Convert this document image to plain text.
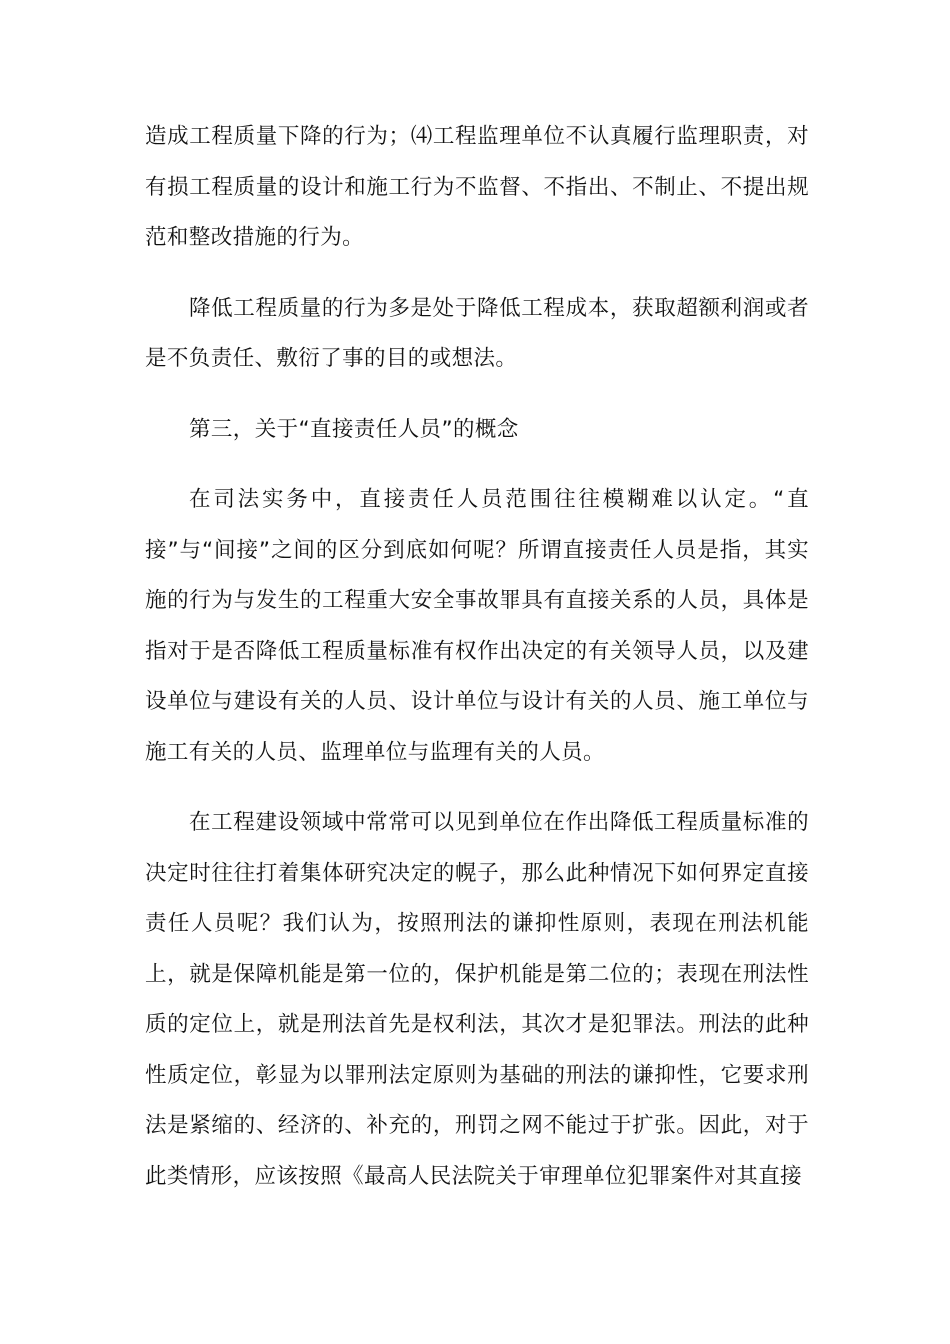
造成工程质量下降的行为；⑷工程监理单位不认真履行监理职责，对有损工程质量的设计和施工行为不监督、不指出、不制止、不提出规范和整改措施的行为。

降低工程质量的行为多是处于降低工程成本，获取超额利润或者是不负责任、敷衍了事的目的或想法。

第三，关于“直接责任人员”的概念

在司法实务中，直接责任人员范围往往模糊难以认定。“直接”与“间接”之间的区分到底如何呢？所谓直接责任人员是指，其实施的行为与发生的工程重大安全事故罪具有直接关系的人员，具体是指对于是否降低工程质量标准有权作出决定的有关领导人员，以及建设单位与建设有关的人员、设计单位与设计有关的人员、施工单位与施工有关的人员、监理单位与监理有关的人员。

在工程建设领域中常常可以见到单位在作出降低工程质量标准的决定时往往打着集体研究决定的幌子，那么此种情况下如何界定直接责任人员呢？我们认为，按照刑法的谦抑性原则，表现在刑法机能上，就是保障机能是第一位的，保护机能是第二位的；表现在刑法性质的定位上，就是刑法首先是权利法，其次才是犯罪法。刑法的此种性质定位，彰显为以罪刑法定原则为基础的刑法的谦抑性，它要求刑法是紧缩的、经济的、补充的，刑罚之网不能过于扩张。因此，对于此类情形，应该按照《最高人民法院关于审理单位犯罪案件对其直接
